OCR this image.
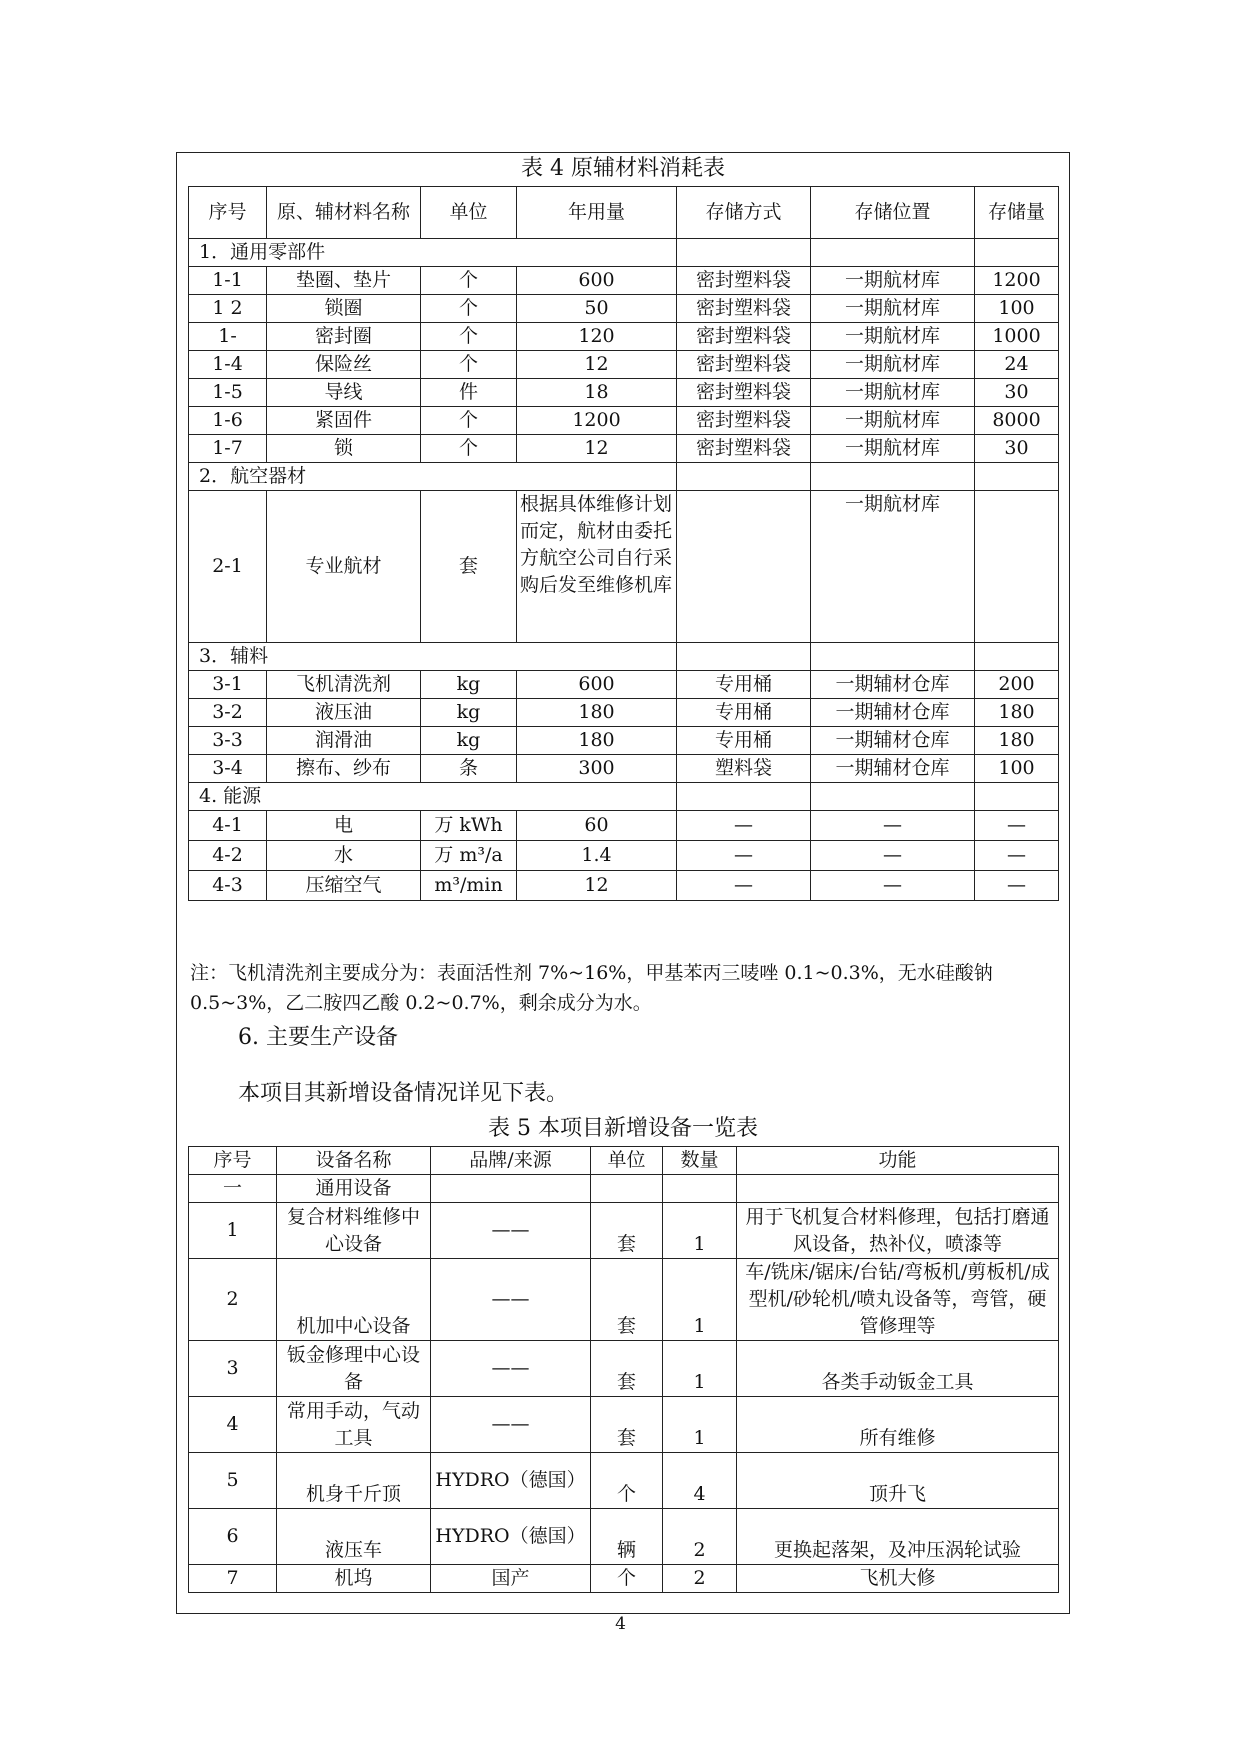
表 4 原辅材料消耗表
序号	原、辅材料名称	单位	年用量	存储方式	存储位置	存储量
1．通用零部件						
1-1	垫圈、垫片	个	600	密封塑料袋	一期航材库	1200
1 2	锁圈	个	50	密封塑料袋	一期航材库	100
1-	密封圈	个	120	密封塑料袋	一期航材库	1000
1-4	保险丝	个	12	密封塑料袋	一期航材库	24
1-5	导线	件	18	密封塑料袋	一期航材库	30
1-6	紧固件	个	1200	密封塑料袋	一期航材库	8000
1-7	锁	个	12	密封塑料袋	一期航材库	30
2．航空器材						
2-1	专业航材	套	根据具体维修计划而定，航材由委托方航空公司自行采购后发至维修机库		一期航材库	
3．辅料						
3-1	飞机清洗剂	kg	600	专用桶	一期辅材仓库	200
3-2	液压油	kg	180	专用桶	一期辅材仓库	180
3-3	润滑油	kg	180	专用桶	一期辅材仓库	180
3-4	擦布、纱布	条	300	塑料袋	一期辅材仓库	100
4. 能源						
4-1	电	万 kWh	60	—	—	—
4-2	水	万 m³/a	1.4	—	—	—
4-3	压缩空气	m³/min	12	—	—	—
注：飞机清洗剂主要成分为：表面活性剂 7%~16%，甲基苯丙三唛唑 0.1~0.3%，无水硅酸钠 0.5~3%，乙二胺四乙酸 0.2~0.7%，剩余成分为水。
6. 主要生产设备
本项目其新增设备情况详见下表。
表 5 本项目新增设备一览表
序号	设备名称	品牌/来源	单位	数量	功能
一	通用设备				
1	复合材料维修中心设备	——	套	1	用于飞机复合材料修理，包括打磨通风设备，热补仪，喷漆等
2	机加中心设备	——	套	1	车/铣床/锯床/台钻/弯板机/剪板机/成型机/砂轮机/喷丸设备等，弯管，硬管修理等
3	钣金修理中心设备	——	套	1	各类手动钣金工具
4	常用手动，气动工具	——	套	1	所有维修
5	机身千斤顶	HYDRO（德国）	个	4	顶升飞
6	液压车	HYDRO（德国）	辆	2	更换起落架，及冲压涡轮试验
7	机坞	国产	个	2	飞机大修
4
